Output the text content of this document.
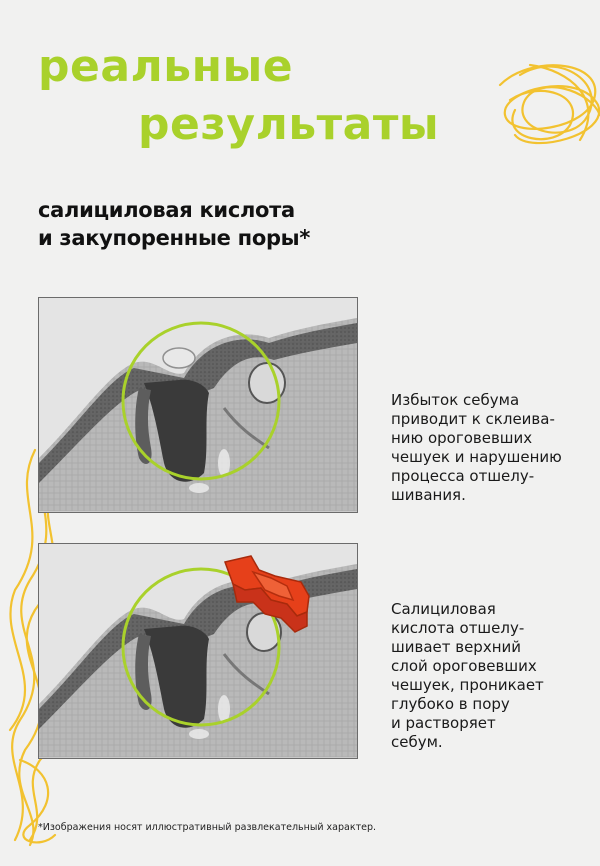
реальные
результаты
салициловая кислота
и закупоренные поры*

Избыток себума
приводит к склеива-
нию ороговевших
чешуек и нарушению
процесса отшелу-
шивания.

Салициловая
кислота отшелу-
шивает верхний
слой ороговевших
чешуек, проникает
глубоко в пору
и растворяет
себум.

*Изображения носят иллюстративный развлекательный характер.
